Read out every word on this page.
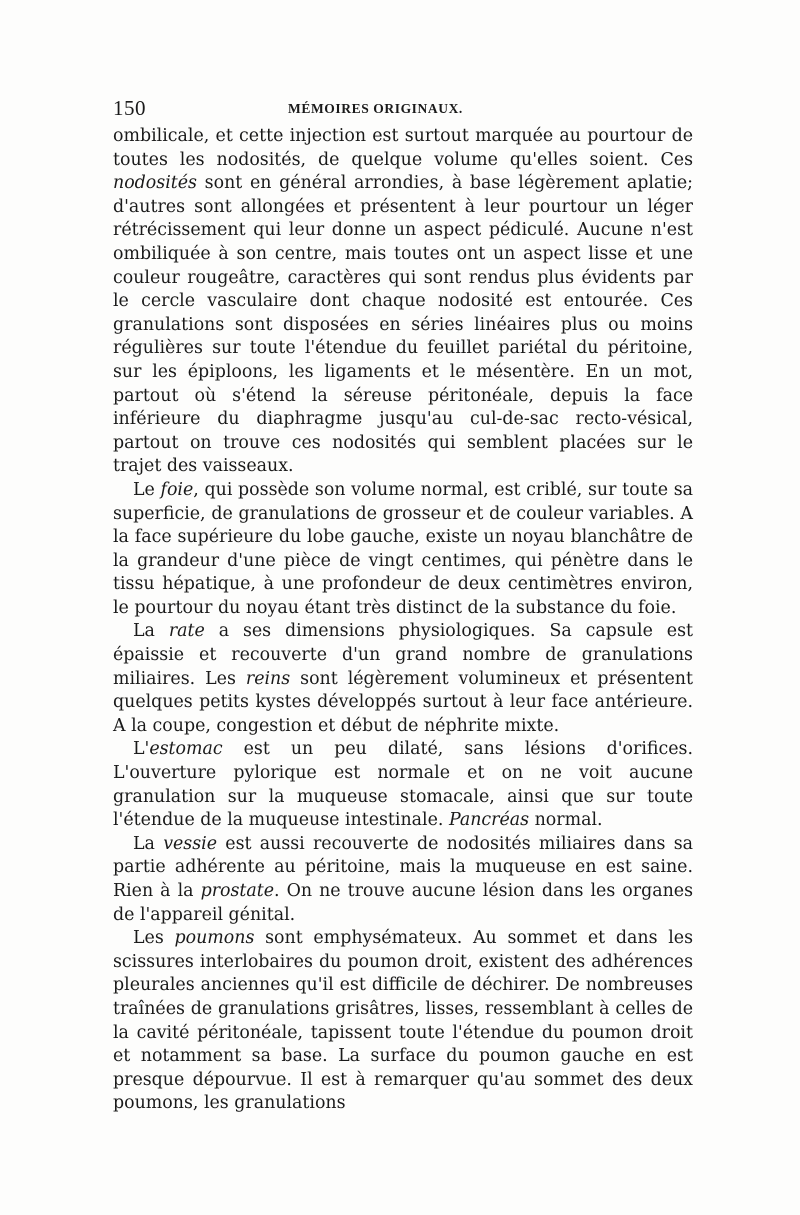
150	MÉMOIRES ORIGINAUX.

ombilicale, et cette injection est surtout marquée au pourtour de toutes les nodosités, de quelque volume qu'elles soient. Ces nodosités sont en général arrondies, à base légèrement aplatie; d'autres sont allongées et présentent à leur pourtour un léger rétrécissement qui leur donne un aspect pédiculé. Aucune n'est ombiliquée à son centre, mais toutes ont un aspect lisse et une couleur rougeâtre, caractères qui sont rendus plus évidents par le cercle vasculaire dont chaque nodosité est entourée. Ces granulations sont disposées en séries linéaires plus ou moins régulières sur toute l'étendue du feuillet pariétal du péritoine, sur les épiploons, les ligaments et le mésentère. En un mot, partout où s'étend la séreuse péritonéale, depuis la face inférieure du diaphragme jusqu'au cul-de-sac recto-vésical, partout on trouve ces nodosités qui semblent placées sur le trajet des vaisseaux.

Le foie, qui possède son volume normal, est criblé, sur toute sa superficie, de granulations de grosseur et de couleur variables. A la face supérieure du lobe gauche, existe un noyau blanchâtre de la grandeur d'une pièce de vingt centimes, qui pénètre dans le tissu hépatique, à une profondeur de deux centimètres environ, le pourtour du noyau étant très distinct de la substance du foie.

La rate a ses dimensions physiologiques. Sa capsule est épaissie et recouverte d'un grand nombre de granulations miliaires. Les reins sont légèrement volumineux et présentent quelques petits kystes développés surtout à leur face antérieure. A la coupe, congestion et début de néphrite mixte.

L'estomac est un peu dilaté, sans lésions d'orifices. L'ouverture pylorique est normale et on ne voit aucune granulation sur la muqueuse stomacale, ainsi que sur toute l'étendue de la muqueuse intestinale. Pancréas normal.

La vessie est aussi recouverte de nodosités miliaires dans sa partie adhérente au péritoine, mais la muqueuse en est saine. Rien à la prostate. On ne trouve aucune lésion dans les organes de l'appareil génital.

Les poumons sont emphysémateux. Au sommet et dans les scissures interlobaires du poumon droit, existent des adhérences pleurales anciennes qu'il est difficile de déchirer. De nombreuses traînées de granulations grisâtres, lisses, ressemblant à celles de la cavité péritonéale, tapissent toute l'étendue du poumon droit et notamment sa base. La surface du poumon gauche en est presque dépourvue. Il est à remarquer qu'au sommet des deux poumons, les granulations
